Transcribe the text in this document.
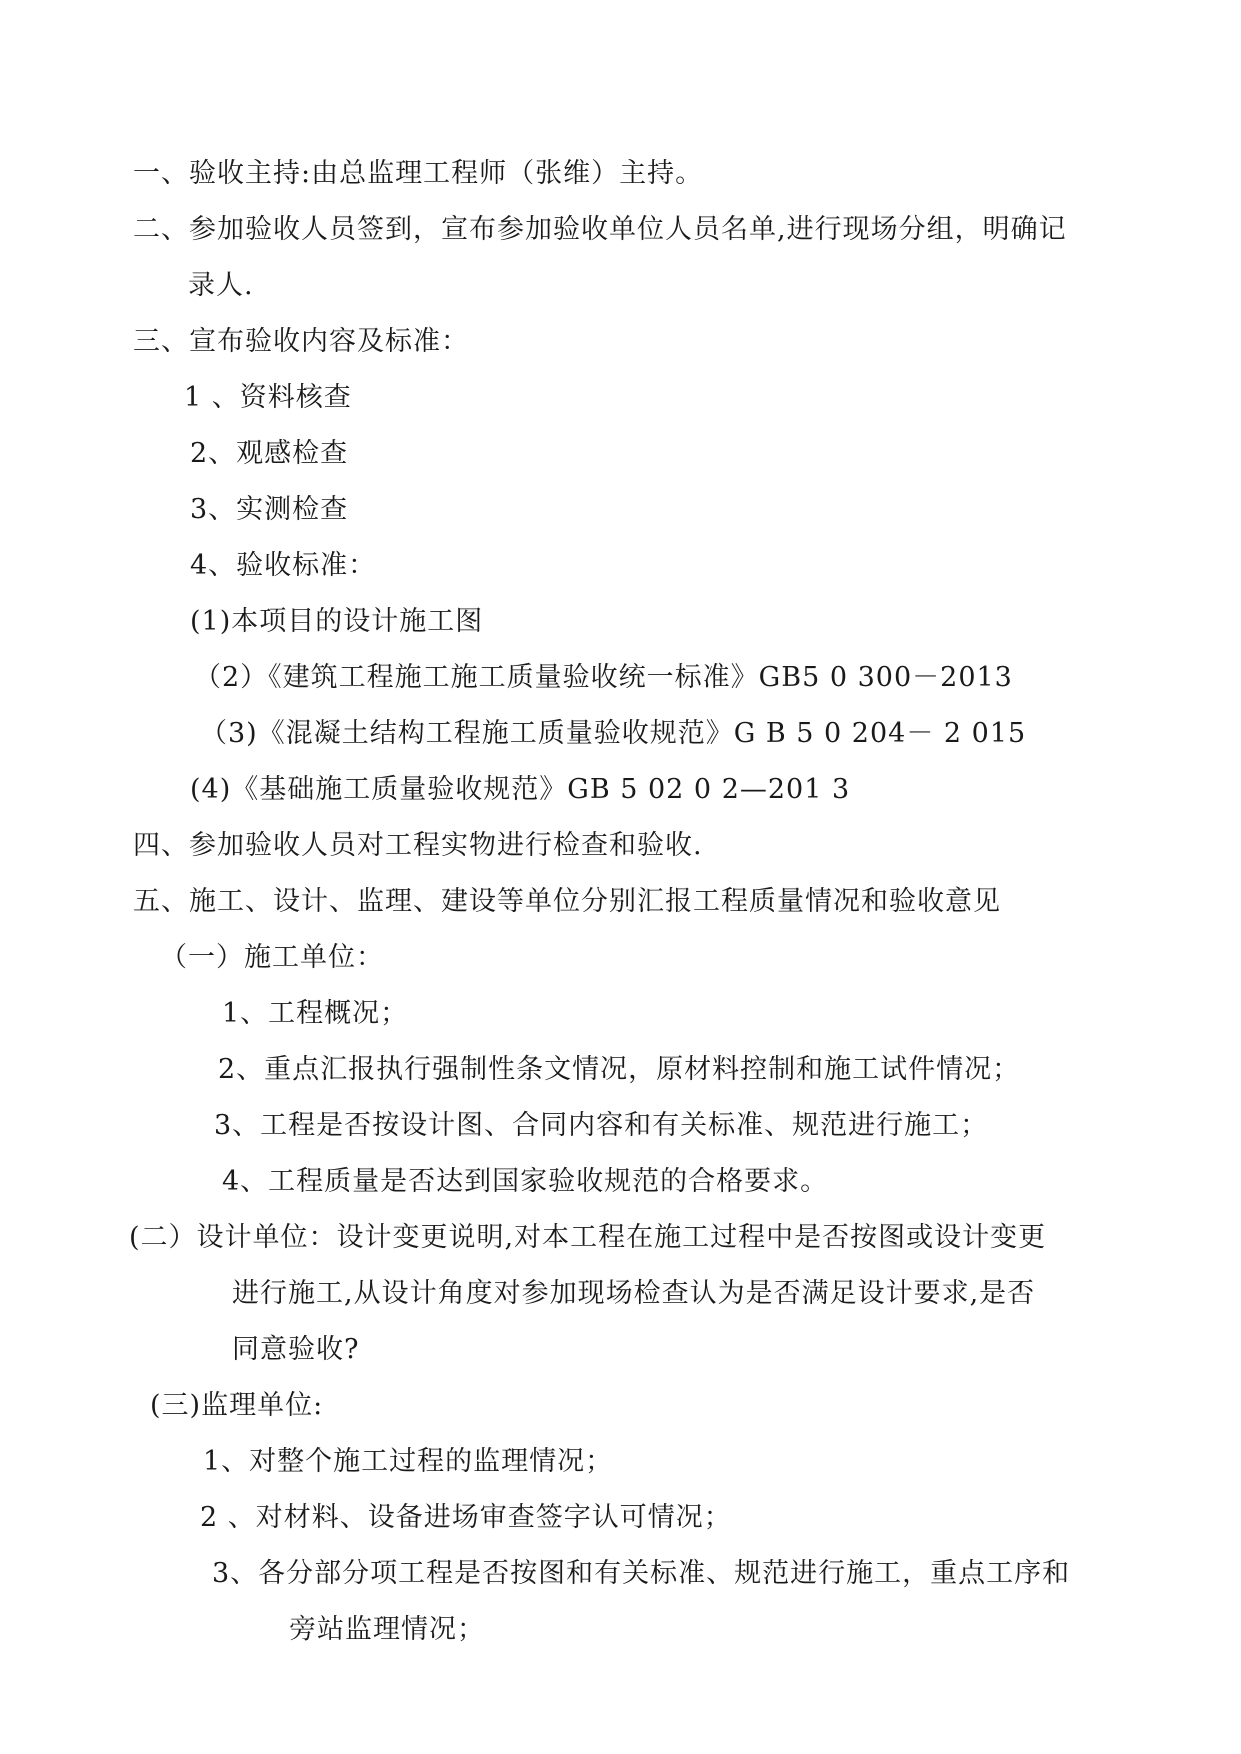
一、验收主持:由总监理工程师（张维）主持。
二、参加验收人员签到，宣布参加验收单位人员名单,进行现场分组，明确记
录人.
三、宣布验收内容及标准：
1 、资料核查
2、观感检查
3、实测检查
4、验收标准：
(1)本项目的设计施工图
（2）《建筑工程施工施工质量验收统一标准》GB5 0 300－2013
（3)《混凝土结构工程施工质量验收规范》G B 5 0 204－ 2 015
(4)《基础施工质量验收规范》GB 5 02 0 2—201 3
四、参加验收人员对工程实物进行检查和验收.
五、施工、设计、监理、建设等单位分别汇报工程质量情况和验收意见
（一）施工单位：
1、工程概况；
2、重点汇报执行强制性条文情况，原材料控制和施工试件情况；
3、工程是否按设计图、合同内容和有关标准、规范进行施工；
4、工程质量是否达到国家验收规范的合格要求。
(二）设计单位：设计变更说明,对本工程在施工过程中是否按图或设计变更
进行施工,从设计角度对参加现场检查认为是否满足设计要求,是否
同意验收?
(三)监理单位:
1、对整个施工过程的监理情况；
2 、对材料、设备进场审查签字认可情况；
3、各分部分项工程是否按图和有关标准、规范进行施工，重点工序和
旁站监理情况；
